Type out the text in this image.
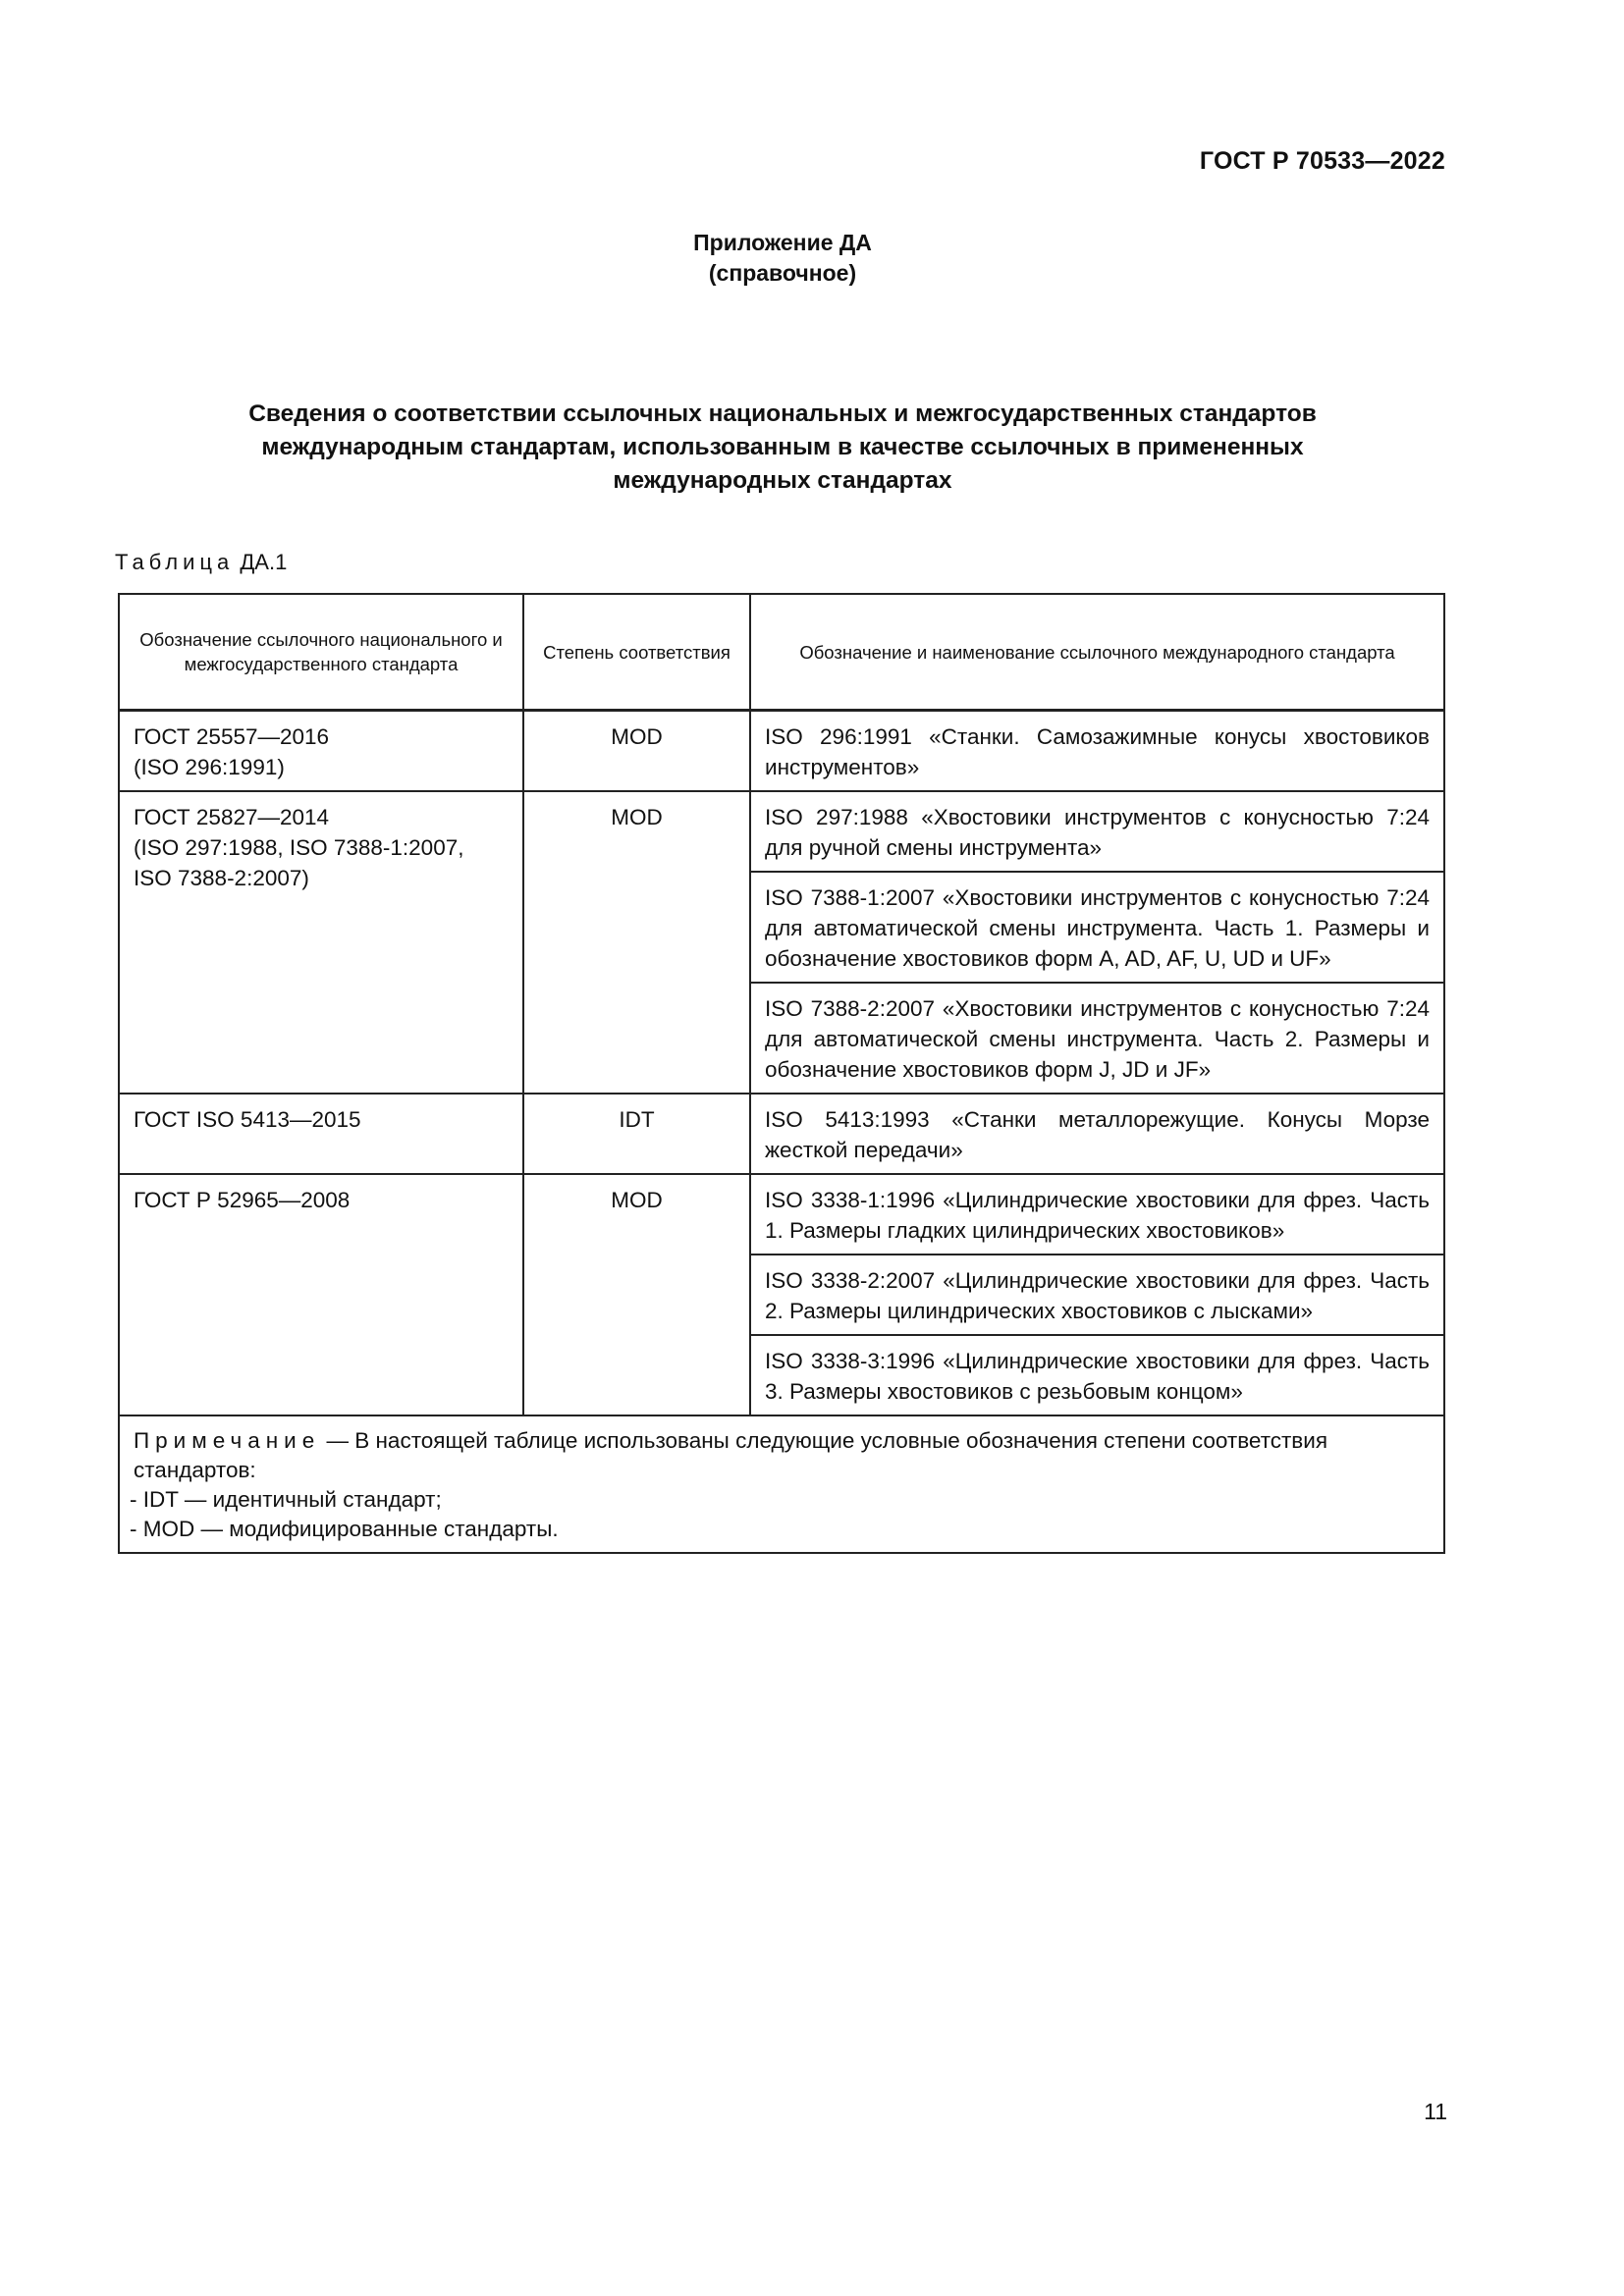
ГОСТ Р 70533—2022
Приложение ДА
(справочное)
Сведения о соответствии ссылочных национальных и межгосударственных стандартов
международным стандартам, использованным в качестве ссылочных в примененных
международных стандартах
Таблица ДА.1
Обозначение ссылочного национального и межгосударственного стандарта	Степень соответствия	Обозначение и наименование ссылочного международного стандарта
ГОСТ 25557—2016
(ISO 296:1991)	MOD	ISO 296:1991 «Станки. Самозажимные конусы хвостовиков инструментов»
ГОСТ 25827—2014
(ISO 297:1988, ISO 7388-1:2007,
ISO 7388-2:2007)	MOD	ISO 297:1988 «Хвостовики инструментов с конусностью 7:24 для ручной смены инструмента»
		ISO 7388-1:2007 «Хвостовики инструментов с конусностью 7:24 для автоматической смены инструмента. Часть 1. Размеры и обозначение хвостовиков форм A, AD, AF, U, UD и UF»
		ISO 7388-2:2007 «Хвостовики инструментов с конусностью 7:24 для автоматической смены инструмента. Часть 2. Размеры и обозначение хвостовиков форм J, JD и JF»
ГОСТ ISO 5413—2015	IDT	ISO 5413:1993 «Станки металлорежущие. Конусы Морзе жесткой передачи»
ГОСТ Р 52965—2008	MOD	ISO 3338-1:1996 «Цилиндрические хвостовики для фрез. Часть 1. Размеры гладких цилиндрических хвостовиков»
		ISO 3338-2:2007 «Цилиндрические хвостовики для фрез. Часть 2. Размеры цилиндрических хвостовиков с лысками»
		ISO 3338-3:1996 «Цилиндрические хвостовики для фрез. Часть 3. Размеры хвостовиков с резьбовым концом»

Примечание — В настоящей таблице использованы следующие условные обозначения степени соответствия стандартов:
- IDT — идентичный стандарт;
- MOD — модифицированные стандарты.		
11
